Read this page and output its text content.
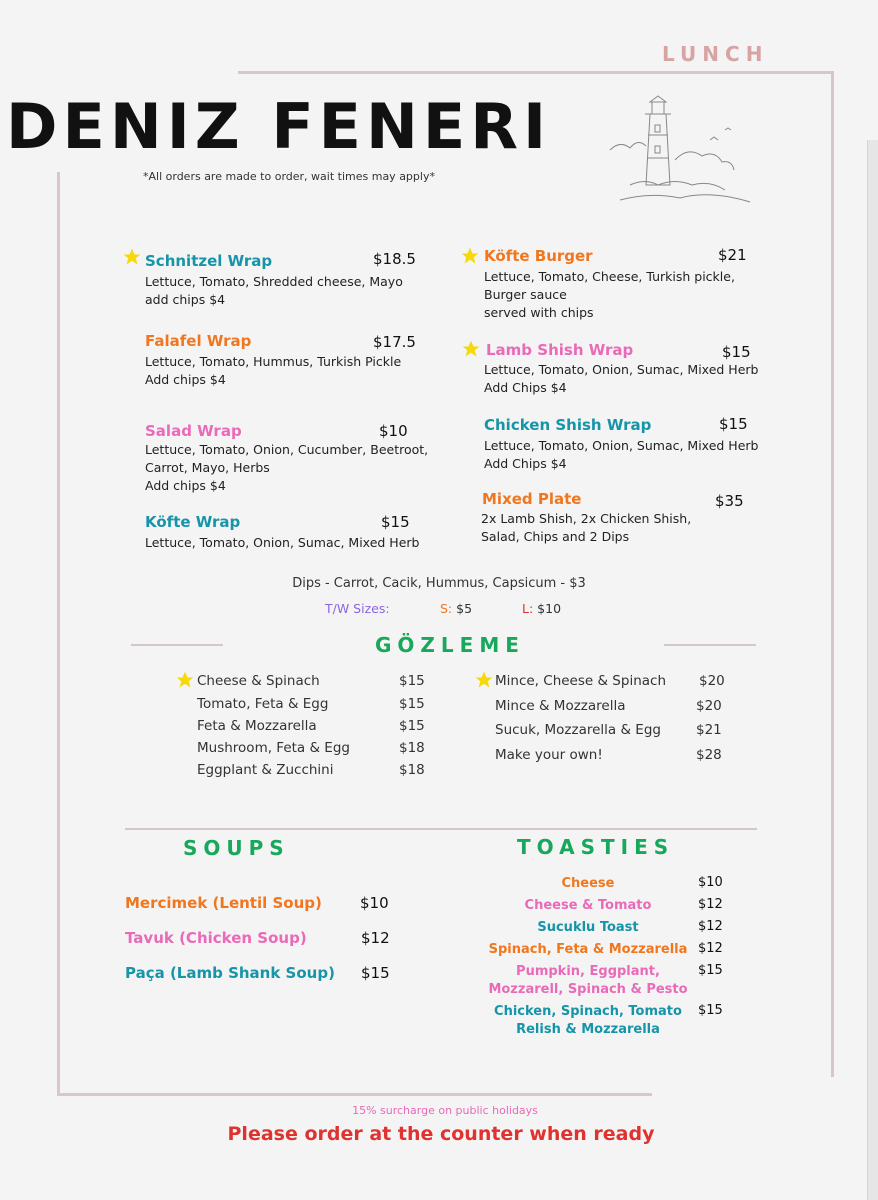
LUNCH
DENIZ FENERI
*All orders are made to order, wait times may apply*
Schnitzel Wrap	$18.5
Lettuce, Tomato, Shredded cheese, Mayo
add chips $4
Falafel Wrap	$17.5
Lettuce, Tomato, Hummus, Turkish Pickle
Add chips $4
Salad Wrap	$10
Lettuce, Tomato, Onion, Cucumber, Beetroot,
Carrot, Mayo, Herbs
Add chips $4
Köfte Wrap	$15
Lettuce, Tomato, Onion, Sumac, Mixed Herb
Köfte Burger	$21
Lettuce, Tomato, Cheese, Turkish pickle,
Burger sauce
served with chips
Lamb Shish Wrap	$15
Lettuce, Tomato, Onion, Sumac, Mixed Herb
Add Chips $4
Chicken Shish Wrap	$15
Lettuce, Tomato, Onion, Sumac, Mixed Herb
Add Chips $4
Mixed Plate	$35
2x Lamb Shish, 2x Chicken Shish,
Salad, Chips and 2 Dips
Dips - Carrot, Cacik, Hummus, Capsicum - $3
T/W Sizes:	S: $5	L: $10
GÖZLEME
Cheese & Spinach	$15
Tomato, Feta & Egg	$15
Feta & Mozzarella	$15
Mushroom, Feta & Egg	$18
Eggplant & Zucchini	$18
Mince, Cheese & Spinach $20
Mince & Mozzarella	$20
Sucuk, Mozzarella & Egg	$21
Make your own!	$28
SOUPS
Mercimek (Lentil Soup)	$10
Tavuk (Chicken Soup)	$12
Paça (Lamb Shank Soup) $15
TOASTIES
Cheese	$10
Cheese & Tomato	$12
Sucuklu Toast	$12
Spinach, Feta & Mozzarella $12
Pumpkin, Eggplant,
Mozzarell, Spinach & Pesto
$15
Chicken, Spinach, Tomato
Relish & Mozzarella
$15
15% surcharge on public holidays
Please order at the counter when ready
